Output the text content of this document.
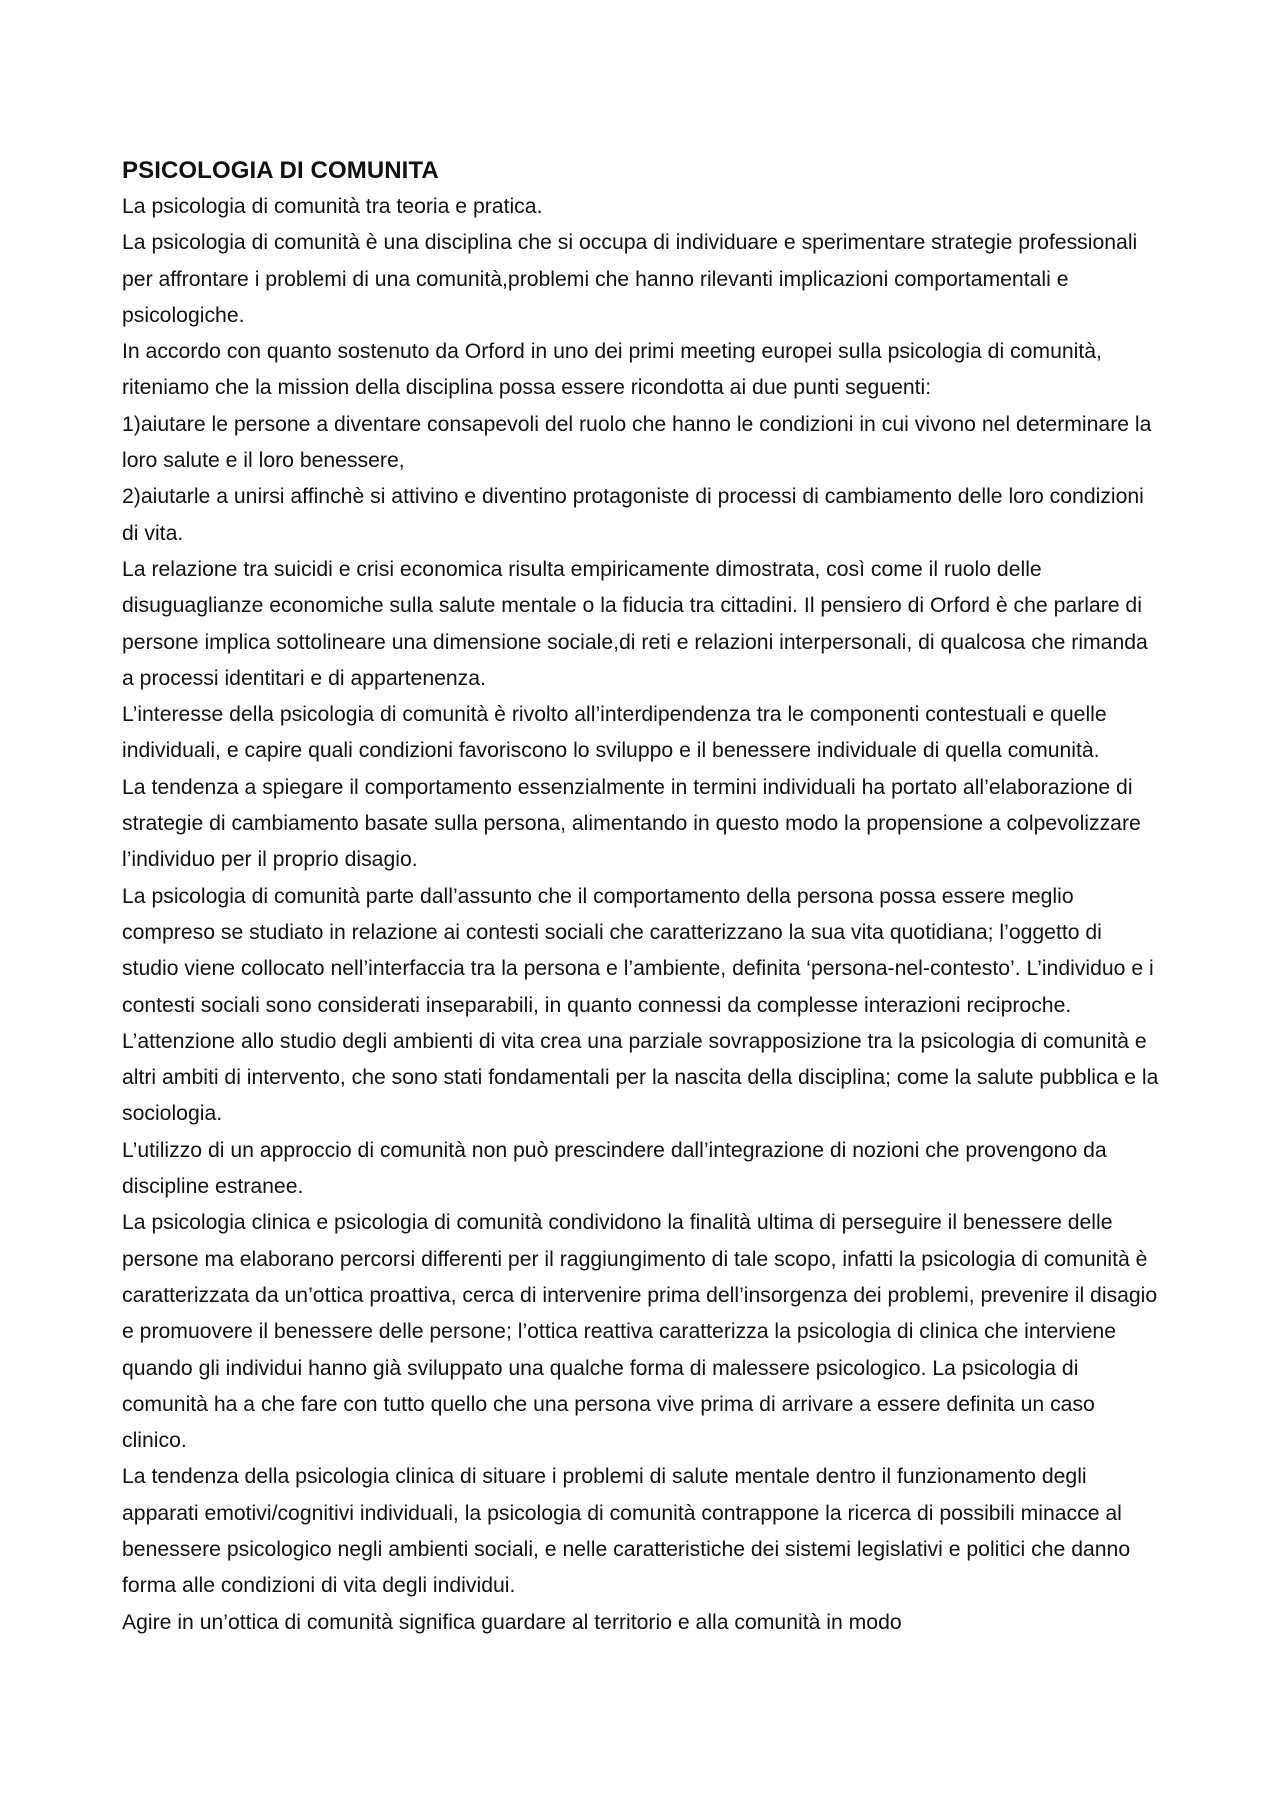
PSICOLOGIA DI COMUNITA
La psicologia di comunità tra teoria e pratica.
La psicologia di comunità è una disciplina che si occupa di individuare e sperimentare strategie professionali per affrontare i problemi di una comunità,problemi che hanno rilevanti implicazioni comportamentali e psicologiche.
In accordo con quanto sostenuto da Orford in uno dei primi meeting europei sulla psicologia di comunità, riteniamo che la mission della disciplina possa essere ricondotta ai due punti seguenti:
1)aiutare le persone a diventare consapevoli del ruolo che hanno le condizioni in cui vivono nel determinare la loro salute e il loro benessere,
2)aiutarle a unirsi affinchè si attivino e diventino protagoniste di processi di cambiamento delle loro condizioni di vita.
La relazione tra suicidi e crisi economica risulta empiricamente dimostrata, così come il ruolo delle disuguaglianze economiche sulla salute mentale o la fiducia tra cittadini. Il pensiero di Orford è che parlare di persone implica sottolineare una dimensione sociale,di reti e relazioni interpersonali, di qualcosa che rimanda a processi identitari e di appartenenza.
L’interesse della psicologia di comunità è rivolto all’interdipendenza tra le componenti contestuali e quelle individuali, e capire quali condizioni favoriscono lo sviluppo e il benessere individuale di quella comunità.
La tendenza a spiegare il comportamento essenzialmente in termini individuali ha portato all’elaborazione di strategie di cambiamento basate sulla persona, alimentando in questo modo la propensione a colpevolizzare l’individuo per il proprio disagio.
La psicologia di comunità parte dall’assunto che il comportamento della persona possa essere meglio compreso se studiato in relazione ai contesti sociali che caratterizzano la sua vita quotidiana; l’oggetto di studio viene collocato nell’interfaccia tra la persona e l’ambiente, definita ‘persona-nel-contesto’. L’individuo e i contesti sociali sono considerati inseparabili, in quanto connessi da complesse interazioni reciproche. L’attenzione allo studio degli ambienti di vita crea una parziale sovrapposizione tra la psicologia di comunità e altri ambiti di intervento, che sono stati fondamentali per la nascita della disciplina; come la salute pubblica e la sociologia.
L’utilizzo di un approccio di comunità non può prescindere dall’integrazione di nozioni che provengono da discipline estranee.
La psicologia clinica e psicologia di comunità condividono la finalità ultima di perseguire il benessere delle persone ma elaborano percorsi differenti per il raggiungimento di tale scopo, infatti la psicologia di comunità è caratterizzata da un’ottica proattiva, cerca di intervenire prima dell’insorgenza dei problemi, prevenire il disagio e promuovere il benessere delle persone; l’ottica reattiva caratterizza la psicologia di clinica che interviene quando gli individui hanno già sviluppato una qualche forma di malessere psicologico. La psicologia di comunità ha a che fare con tutto quello che una persona vive prima di arrivare a essere definita un caso clinico.
La tendenza della psicologia clinica di situare i problemi di salute mentale dentro il funzionamento degli apparati emotivi/cognitivi individuali, la psicologia di comunità contrappone la ricerca di possibili minacce al benessere psicologico negli ambienti sociali, e nelle caratteristiche dei sistemi legislativi e politici che danno forma alle condizioni di vita degli individui.
Agire in un’ottica di comunità significa guardare al territorio e alla comunità in modo
